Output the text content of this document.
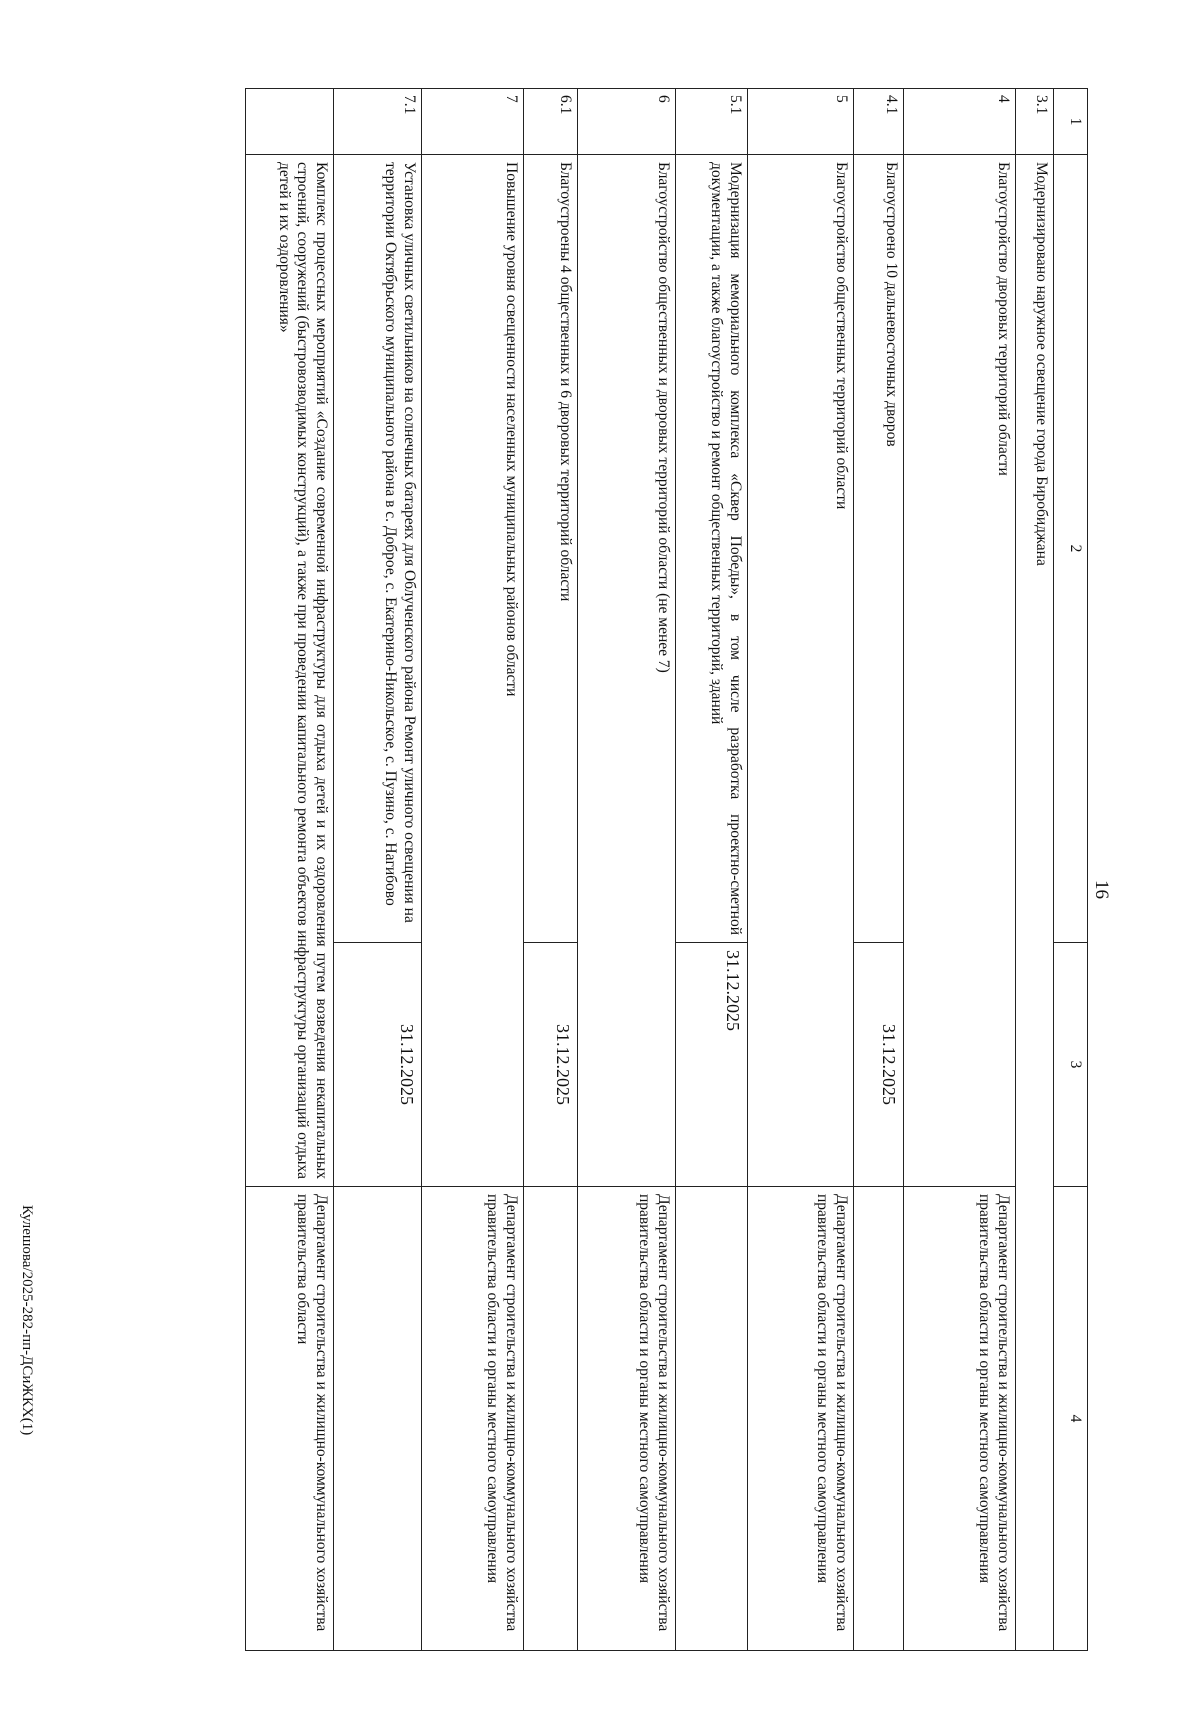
16
1	2	3	4
3.1	Модернизировано наружное освещение города Биробиджана		
4	Благоустройство дворовых территорий области		Департамент строительства и жилищно-коммунального хозяйства правительства области и органы местного самоуправления
4.1	Благоустроено 10 дальневосточных дворов	31.12.2025	
5	Благоустройство общественных территорий области		Департамент строительства и жилищно-коммунального хозяйства правительства области и органы местного самоуправления
5.1	Модернизация мемориального комплекса «Сквер Победы», в том числе разработка проектно-сметной документации, а также благоустройство и ремонт общественных территорий, зданий	31.12.2025	
6	Благоустройство общественных и дворовых территорий области (не менее 7)		Департамент строительства и жилищно-коммунального хозяйства правительства области и органы местного самоуправления
6.1	Благоустроены 4 общественных и 6 дворовых территорий области	31.12.2025	
7	Повышение уровня освещенности населенных муниципальных районов области		Департамент строительства и жилищно-коммунального хозяйства правительства области и органы местного самоуправления
7.1	Установка уличных светильников на солнечных батареях для Облученского района Ремонт уличного освещения на территории Октябрьского муниципального района в с. Доброе, с. Екатерино-Никольское, с. Пузино, с. Нагибово	31.12.2025	
	Комплекс процессных мероприятий «Создание современной инфраструктуры для отдыха детей и их оздоровления путем возведения некапитальных строений, сооружений (быстровозводимых конструкций), а также при проведении капитального ремонта объектов инфраструктуры организаций отдыха детей и их оздоровления»		Департамент строительства и жилищно-коммунального хозяйства правительства области
Кулешова/2025-282-пп-ДСиЖКХ(1)
